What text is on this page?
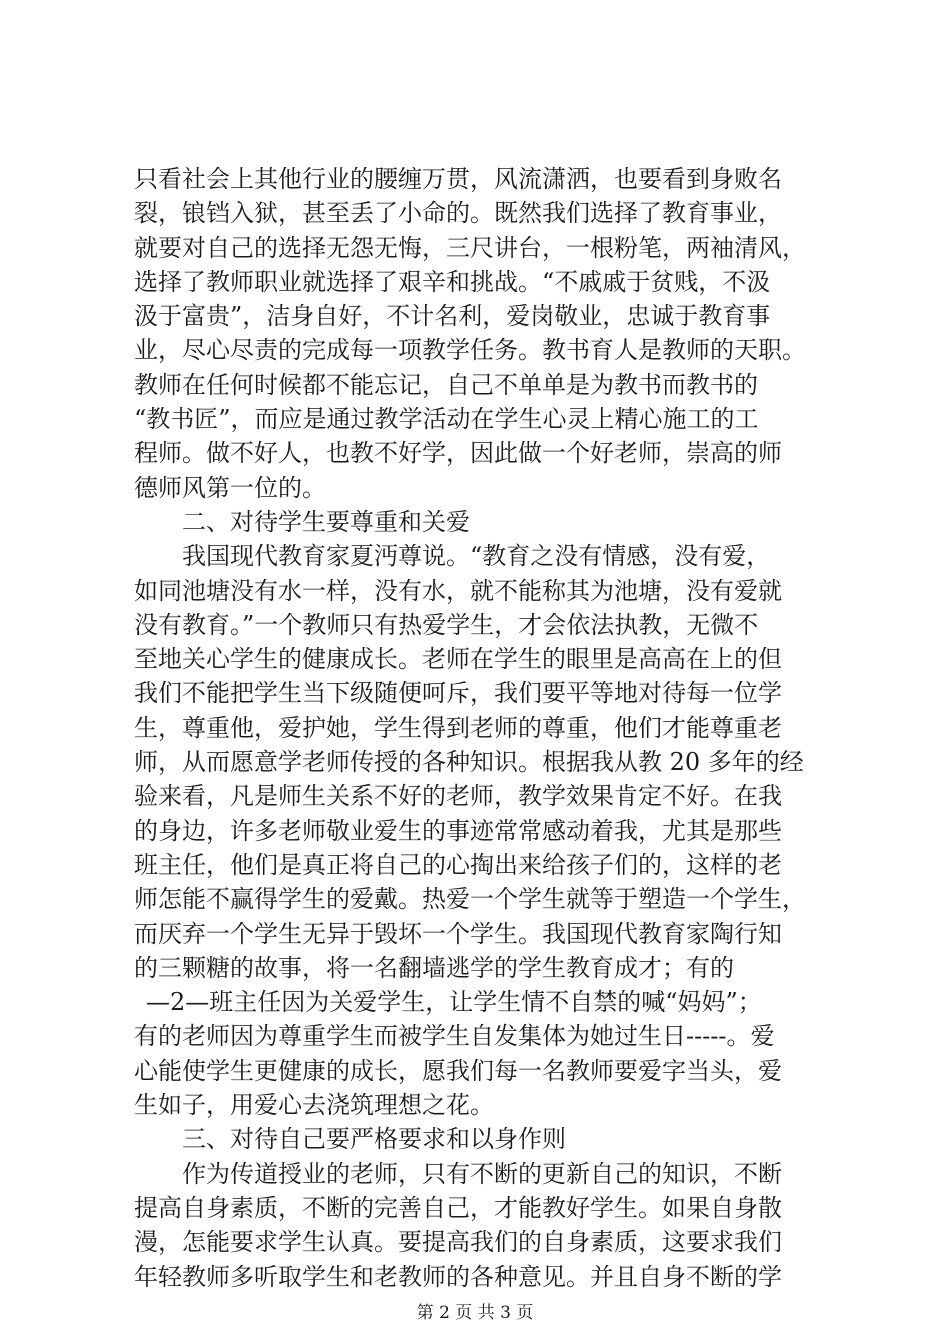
只看社会上其他行业的腰缠万贯，风流潇洒，也要看到身败名
裂，锒铛入狱，甚至丢了小命的。既然我们选择了教育事业，
就要对自己的选择无怨无悔，三尺讲台，一根粉笔，两袖清风，
选择了教师职业就选择了艰辛和挑战。“不戚戚于贫贱，不汲
汲于富贵”，洁身自好，不计名利，爱岗敬业，忠诚于教育事
业，尽心尽责的完成每一项教学任务。教书育人是教师的天职。
教师在任何时候都不能忘记，自己不单单是为教书而教书的
“教书匠”，而应是通过教学活动在学生心灵上精心施工的工
程师。做不好人，也教不好学，因此做一个好老师，崇高的师
德师风第一位的。
二、对待学生要尊重和关爱
我国现代教育家夏沔尊说。“教育之没有情感，没有爱，
如同池塘没有水一样，没有水，就不能称其为池塘，没有爱就
没有教育。”一个教师只有热爱学生，才会依法执教，无微不
至地关心学生的健康成长。老师在学生的眼里是高高在上的但
我们不能把学生当下级随便呵斥，我们要平等地对待每一位学
生，尊重他，爱护她，学生得到老师的尊重，他们才能尊重老
师，从而愿意学老师传授的各种知识。根据我从教 20 多年的经
验来看，凡是师生关系不好的老师，教学效果肯定不好。在我
的身边，许多老师敬业爱生的事迹常常感动着我，尤其是那些
班主任，他们是真正将自己的心掏出来给孩子们的，这样的老
师怎能不赢得学生的爱戴。热爱一个学生就等于塑造一个学生，
而厌弃一个学生无异于毁坏一个学生。我国现代教育家陶行知
的三颗糖的故事，将一名翻墙逃学的学生教育成才；有的
—2—班主任因为关爱学生，让学生情不自禁的喊“妈妈”；
有的老师因为尊重学生而被学生自发集体为她过生日-----。爱
心能使学生更健康的成长，愿我们每一名教师要爱字当头，爱
生如子，用爱心去浇筑理想之花。
三、对待自己要严格要求和以身作则
作为传道授业的老师，只有不断的更新自己的知识，不断
提高自身素质，不断的完善自己，才能教好学生。如果自身散
漫，怎能要求学生认真。要提高我们的自身素质，这要求我们
年轻教师多听取学生和老教师的各种意见。并且自身不断的学
第 2 页 共 3 页
